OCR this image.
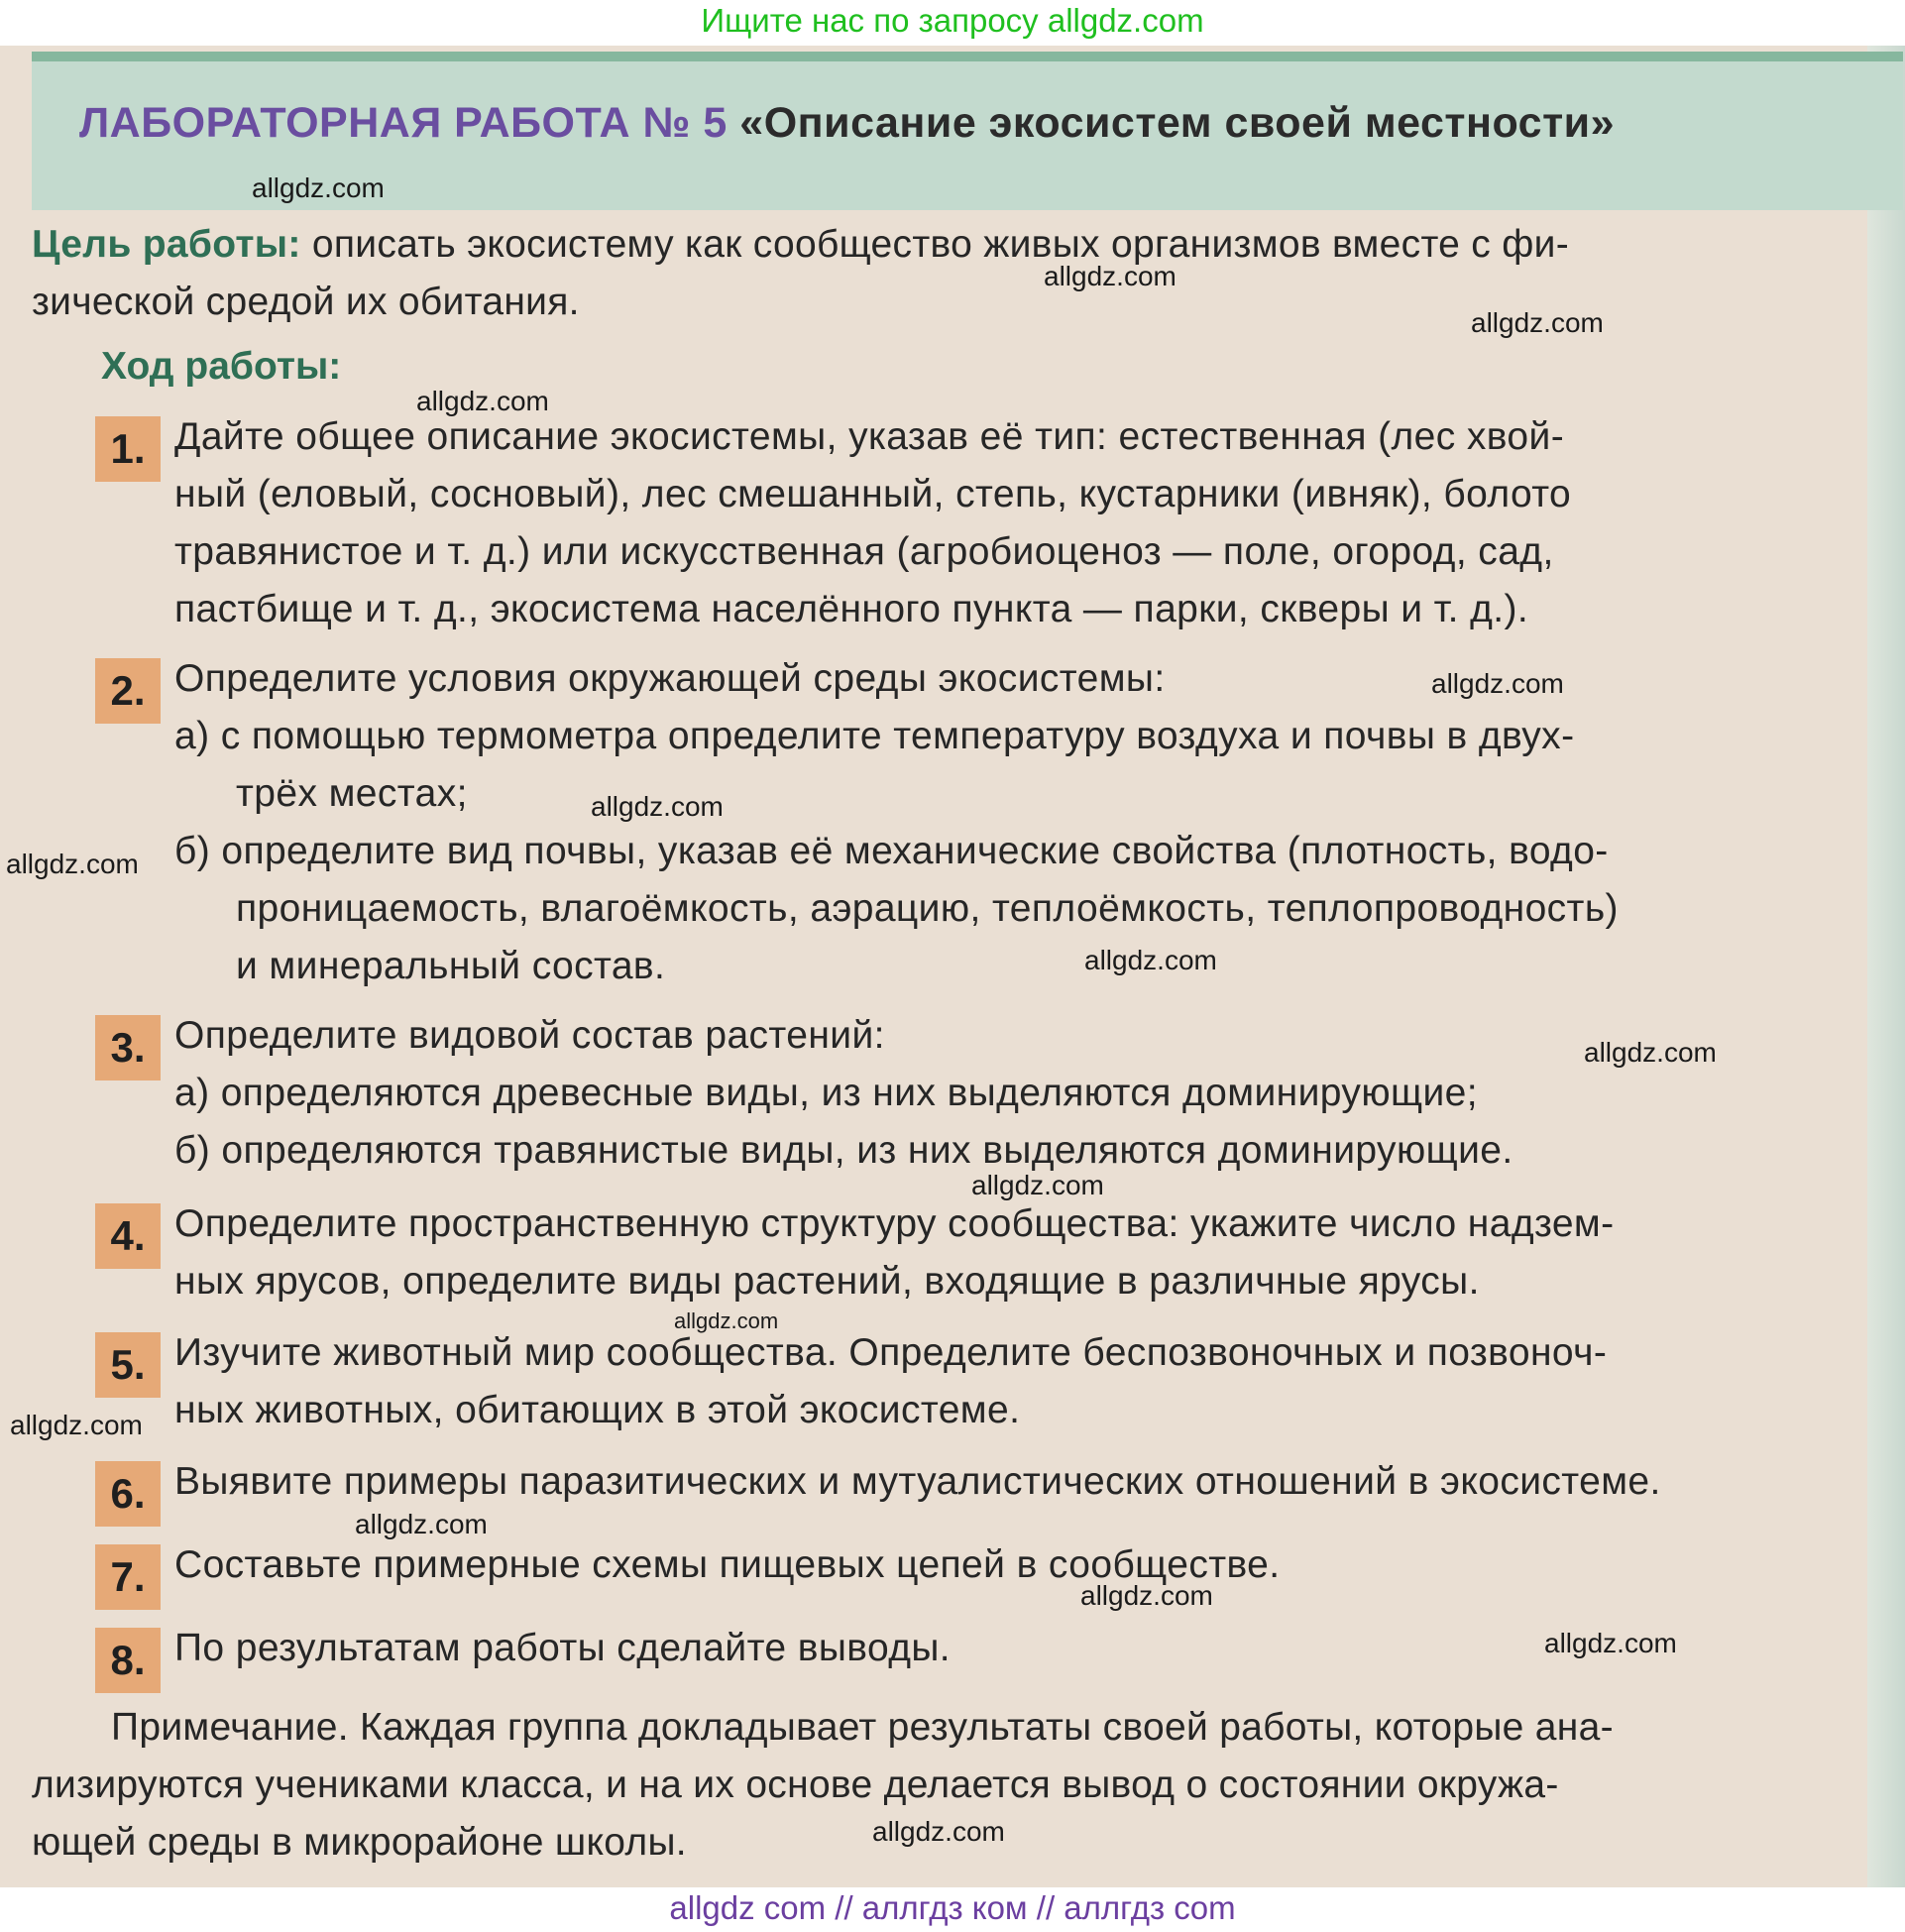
Ищите нас по запросу allgdz.com
ЛАБОРАТОРНАЯ РАБОТА № 5 «Описание экосистем своей местности»
Цель работы: описать экосистему как сообщество живых организмов вместе с фи-
зической средой их обитания.
Ход работы:
1. Дайте общее описание экосистемы, указав её тип: естественная (лес хвой-
ный (еловый, сосновый), лес смешанный, степь, кустарники (ивняк), болото
травянистое и т. д.) или искусственная (агробиоценоз — поле, огород, сад,
пастбище и т. д., экосистема населённого пункта — парки, скверы и т. д.).
2. Определите условия окружающей среды экосистемы:
а) с помощью термометра определите температуру воздуха и почвы в двух-
трёх местах;
б) определите вид почвы, указав её механические свойства (плотность, водо-
проницаемость, влагоёмкость, аэрацию, теплоёмкость, теплопроводность)
и минеральный состав.
3. Определите видовой состав растений:
а) определяются древесные виды, из них выделяются доминирующие;
б) определяются травянистые виды, из них выделяются доминирующие.
4. Определите пространственную структуру сообщества: укажите число надзем-
ных ярусов, определите виды растений, входящие в различные ярусы.
5. Изучите животный мир сообщества. Определите беспозвоночных и позвоноч-
ных животных, обитающих в этой экосистеме.
6. Выявите примеры паразитических и мутуалистических отношений в экосистеме.
7. Составьте примерные схемы пищевых цепей в сообществе.
8. По результатам работы сделайте выводы.
Примечание. Каждая группа докладывает результаты своей работы, которые ана-
лизируются учениками класса, и на их основе делается вывод о состоянии окружа-
ющей среды в микрорайоне школы.
allgdz.com
allgdz.com
allgdz.com
allgdz.com
allgdz.com
allgdz.com
allgdz.com
allgdz.com
allgdz.com
allgdz.com
allgdz.com
allgdz.com
allgdz.com
allgdz.com
allgdz.com
allgdz.com
allgdz com // аллгдз ком // аллгдз com
